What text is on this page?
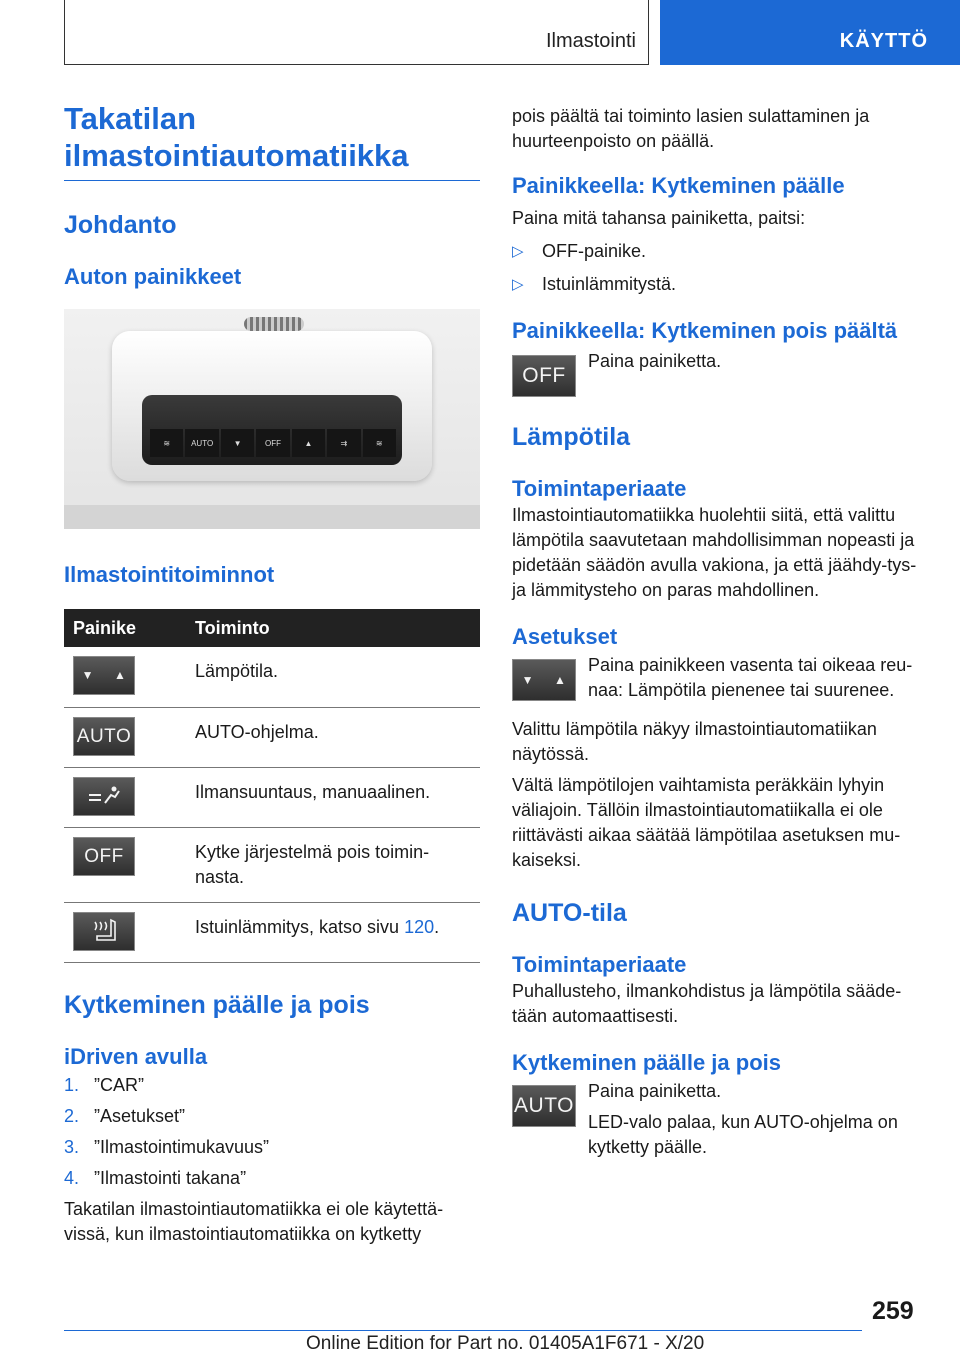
Ilmastointi	KÄYTTÖ
Takatilan
ilmastointiautomatiikka
Johdanto
Auton painikkeet
≋	AUTO	▼	OFF	▲	⇉	≋
Ilmastointitoiminnot
Painike	Toiminto

▼ ▲	Lämpötila.

AUTO	AUTO-ohjelma.

	Ilmansuuntaus, manuaalinen.

OFF	Kytke järjestelmä pois toimin-nasta.

	Istuinlämmitys, katso sivu 120.
Kytkeminen päälle ja pois
iDriven avulla
1. ”CAR”
2. ”Asetukset”
3. ”Ilmastointimukavuus”
4. ”Ilmastointi takana”

Takatilan ilmastointiautomatiikka ei ole käytettä-vissä, kun ilmastointiautomatiikka on kytketty

pois päältä tai toiminto lasien sulattaminen ja huurteenpoisto on päällä.

Painikkeella: Kytkeminen päälle

Paina mitä tahansa painiketta, paitsi:

▷ OFF-painike.
▷ Istuinlämmitystä.
Painikkeella: Kytkeminen pois päältä
OFF

Paina painiketta.

Lämpötila
Toimintaperiaate

Ilmastointiautomatiikka huolehtii siitä, että valittu lämpötila saavutetaan mahdollisimman nopeasti ja pidetään säädön avulla vakiona, ja että jäähdy-tys- ja lämmitysteho on paras mahdollinen.

Asetukset
▼ ▲

Paina painikkeen vasenta tai oikeaa reu-naa: Lämpötila pienenee tai suurenee.

Valittu lämpötila näkyy ilmastointiautomatiikan näytössä.

Vältä lämpötilojen vaihtamista peräkkäin lyhyin väliajoin. Tällöin ilmastointiautomatiikalla ei ole riittävästi aikaa säätää lämpötilaa asetuksen mu-kaiseksi.

AUTO-tila
Toimintaperiaate

Puhallusteho, ilmankohdistus ja lämpötila sääde-tään automaattisesti.

Kytkeminen päälle ja pois
AUTO

Paina painiketta.

LED-valo palaa, kun AUTO-ohjelma on kytketty päälle.

259
Online Edition for Part no. 01405A1F671 - X/20
